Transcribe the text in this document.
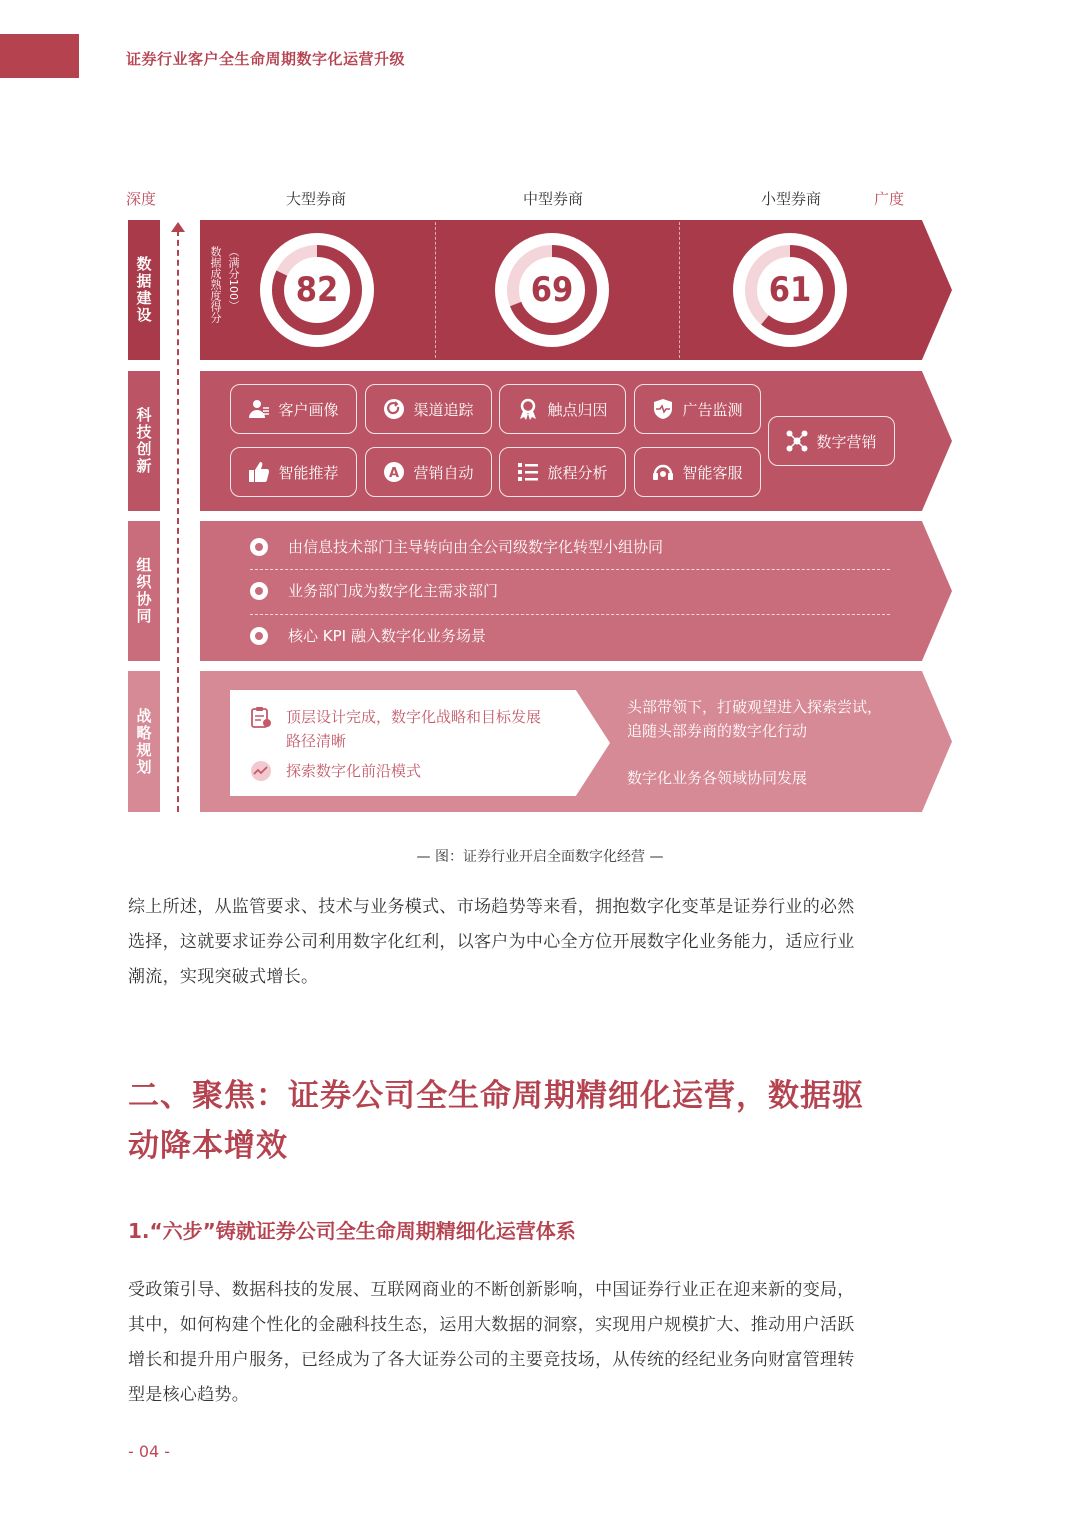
证券行业客户全生命周期数字化运营升级
深度	广度
大型券商	中型券商	小型券商
数据建设
科技创新
组织协同
战略规划
数据成熟度得分 （满分100）	82	69	61
客户画像	渠道追踪	触点归因	广告监测
智能推荐	A 营销自动	旅程分析	智能客服
数字营销
由信息技术部门主导转向由全公司级数字化转型小组协同
业务部门成为数字化主需求部门
核心 KPI 融入数字化业务场景
顶层设计完成，数字化战略和目标发展
路径清晰
探索数字化前沿模式
头部带领下，打破观望进入探索尝试，
追随头部券商的数字化行动
数字化业务各领域协同发展
— 图：证券行业开启全面数字化经营 —
综上所述，从监管要求、技术与业务模式、市场趋势等来看，拥抱数字化变革是证券行业的必然
选择，这就要求证券公司利用数字化红利，以客户为中心全方位开展数字化业务能力，适应行业
潮流，实现突破式增长。
二、聚焦：证券公司全生命周期精细化运营，数据驱
动降本增效
1.“六步”铸就证券公司全生命周期精细化运营体系
受政策引导、数据科技的发展、互联网商业的不断创新影响，中国证券行业正在迎来新的变局，
其中，如何构建个性化的金融科技生态，运用大数据的洞察，实现用户规模扩大、推动用户活跃
增长和提升用户服务，已经成为了各大证券公司的主要竞技场，从传统的经纪业务向财富管理转
型是核心趋势。
- 04 -
